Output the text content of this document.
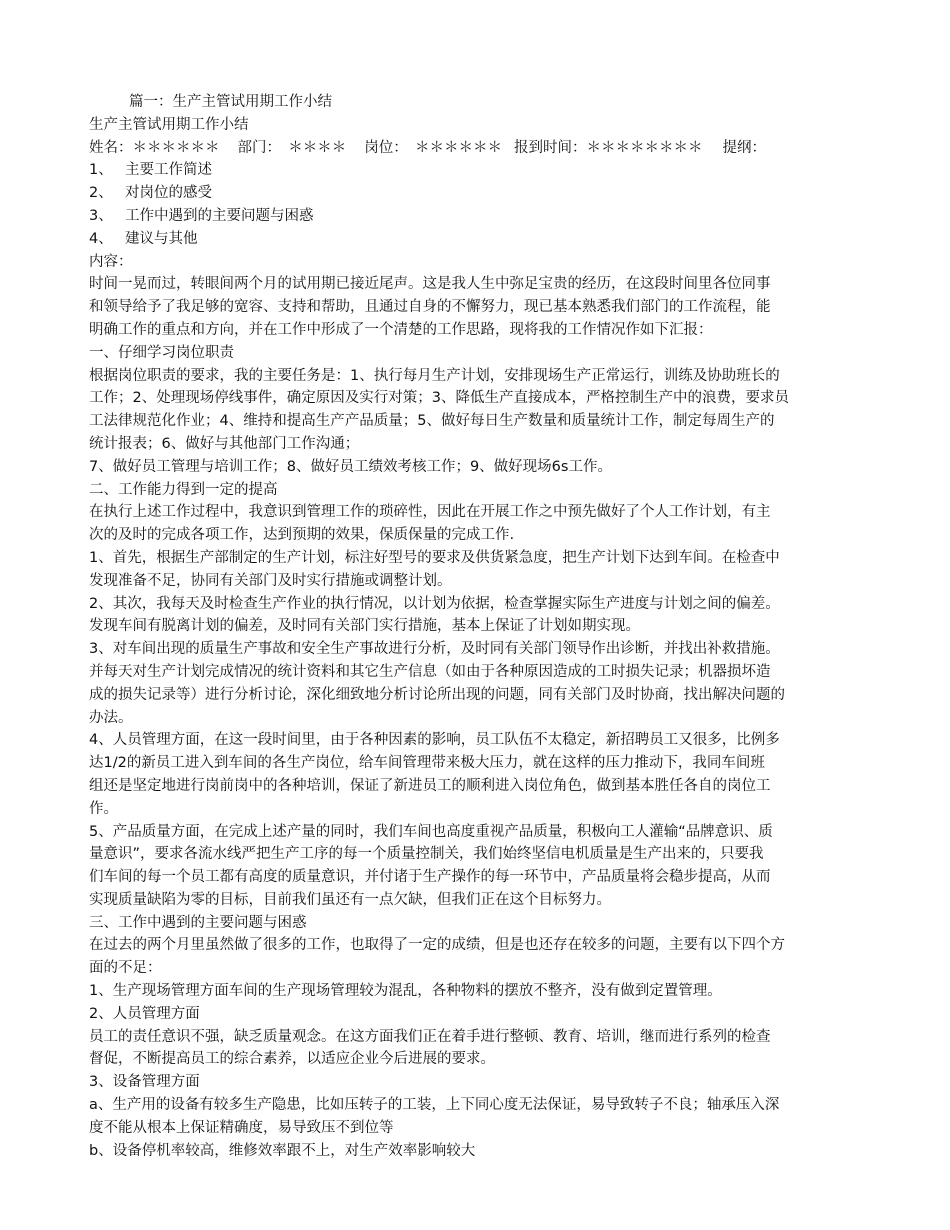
篇一：生产主管试用期工作小结
生产主管试用期工作小结
姓名：＊＊＊＊＊＊ 部门：　＊＊＊＊ 岗位：　＊＊＊＊＊＊ 报到时间：＊＊＊＊＊＊＊＊ 提纲：
1、 主要工作简述
2、 对岗位的感受
3、 工作中遇到的主要问题与困惑
4、 建议与其他
内容：
时间一晃而过，转眼间两个月的试用期已接近尾声。这是我人生中弥足宝贵的经历，在这段时间里各位同事
和领导给予了我足够的宽容、支持和帮助，且通过自身的不懈努力，现已基本熟悉我们部门的工作流程，能
明确工作的重点和方向，并在工作中形成了一个清楚的工作思路，现将我的工作情况作如下汇报：
一、仔细学习岗位职责
根据岗位职责的要求，我的主要任务是：1、执行每月生产计划，安排现场生产正常运行，训练及协助班长的
工作；2、处理现场停线事件，确定原因及实行对策；3、降低生产直接成本，严格控制生产中的浪费，要求员
工法律规范化作业；4、维持和提高生产产品质量；5、做好每日生产数量和质量统计工作，制定每周生产的
统计报表；6、做好与其他部门工作沟通；
7、做好员工管理与培训工作；8、做好员工绩效考核工作；9、做好现场6s工作。
二、工作能力得到一定的提高
在执行上述工作过程中，我意识到管理工作的琐碎性，因此在开展工作之中预先做好了个人工作计划，有主
次的及时的完成各项工作，达到预期的效果，保质保量的完成工作.
1、首先，根据生产部制定的生产计划，标注好型号的要求及供货紧急度，把生产计划下达到车间。在检查中
发现准备不足，协同有关部门及时实行措施或调整计划。
2、其次，我每天及时检查生产作业的执行情况，以计划为依据，检查掌握实际生产进度与计划之间的偏差。
发现车间有脱离计划的偏差，及时同有关部门实行措施，基本上保证了计划如期实现。
3、对车间出现的质量生产事故和安全生产事故进行分析，及时同有关部门领导作出诊断，并找出补救措施。
并每天对生产计划完成情况的统计资料和其它生产信息（如由于各种原因造成的工时损失记录；机器损坏造
成的损失记录等）进行分析讨论，深化细致地分析讨论所出现的问题，同有关部门及时协商，找出解决问题的
办法。
4、人员管理方面，在这一段时间里，由于各种因素的影响，员工队伍不太稳定，新招聘员工又很多，比例多
达1/2的新员工进入到车间的各生产岗位，给车间管理带来极大压力，就在这样的压力推动下，我同车间班
组还是坚定地进行岗前岗中的各种培训，保证了新进员工的顺利进入岗位角色，做到基本胜任各自的岗位工
作。
5、产品质量方面，在完成上述产量的同时，我们车间也高度重视产品质量，积极向工人灌输“品牌意识、质
量意识”，要求各流水线严把生产工序的每一个质量控制关，我们始终坚信电机质量是生产出来的，只要我
们车间的每一个员工都有高度的质量意识，并付诸于生产操作的每一环节中，产品质量将会稳步提高，从而
实现质量缺陷为零的目标，目前我们虽还有一点欠缺，但我们正在这个目标努力。
三、工作中遇到的主要问题与困惑
在过去的两个月里虽然做了很多的工作，也取得了一定的成绩，但是也还存在较多的问题，主要有以下四个方
面的不足：
1、生产现场管理方面车间的生产现场管理较为混乱，各种物料的摆放不整齐，没有做到定置管理。
2、人员管理方面
员工的责任意识不强，缺乏质量观念。在这方面我们正在着手进行整顿、教育、培训，继而进行系列的检查
督促，不断提高员工的综合素养，以适应企业今后进展的要求。
3、设备管理方面
a、生产用的设备有较多生产隐患，比如压转子的工装，上下同心度无法保证，易导致转子不良；轴承压入深
度不能从根本上保证精确度，易导致压不到位等
b、设备停机率较高，维修效率跟不上，对生产效率影响较大
